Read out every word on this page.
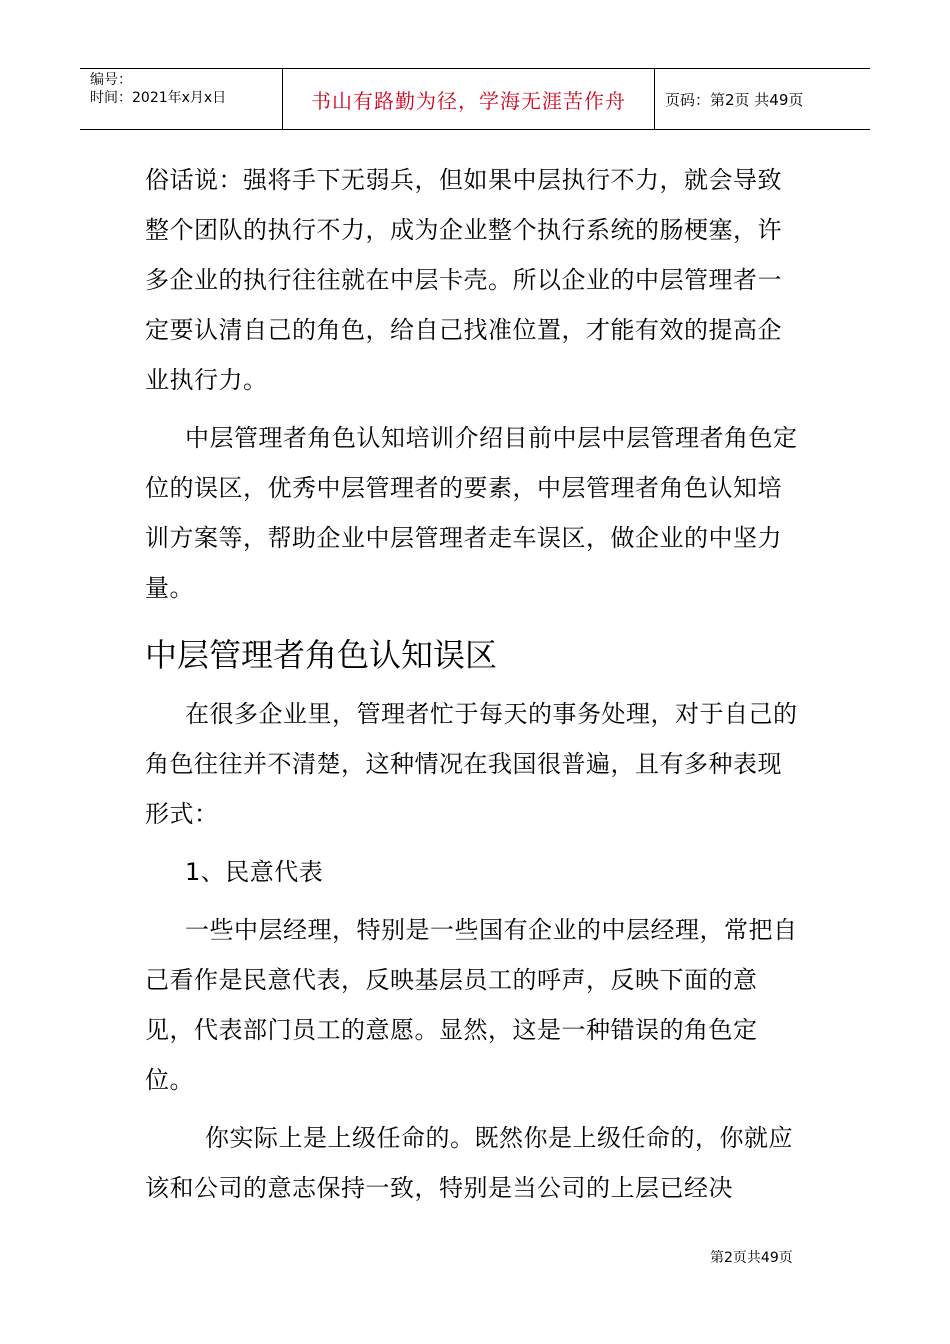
编号：
时间：2021年x月x日	书山有路勤为径，学海无涯苦作舟	页码：第2页 共49页

俗话说：强将手下无弱兵，但如果中层执行不力，就会导致整个团队的执行不力，成为企业整个执行系统的肠梗塞，许多企业的执行往往就在中层卡壳。所以企业的中层管理者一定要认清自己的角色，给自己找准位置，才能有效的提高企业执行力。

中层管理者角色认知培训介绍目前中层中层管理者角色定位的误区，优秀中层管理者的要素，中层管理者角色认知培训方案等，帮助企业中层管理者走车误区，做企业的中坚力量。

中层管理者角色认知误区

在很多企业里，管理者忙于每天的事务处理，对于自己的角色往往并不清楚，这种情况在我国很普遍，且有多种表现形式：

1、民意代表

一些中层经理，特别是一些国有企业的中层经理，常把自己看作是民意代表，反映基层员工的呼声，反映下面的意见，代表部门员工的意愿。显然，这是一种错误的角色定位。

你实际上是上级任命的。既然你是上级任命的，你就应该和公司的意志保持一致，特别是当公司的上层已经决

第2页共49页
